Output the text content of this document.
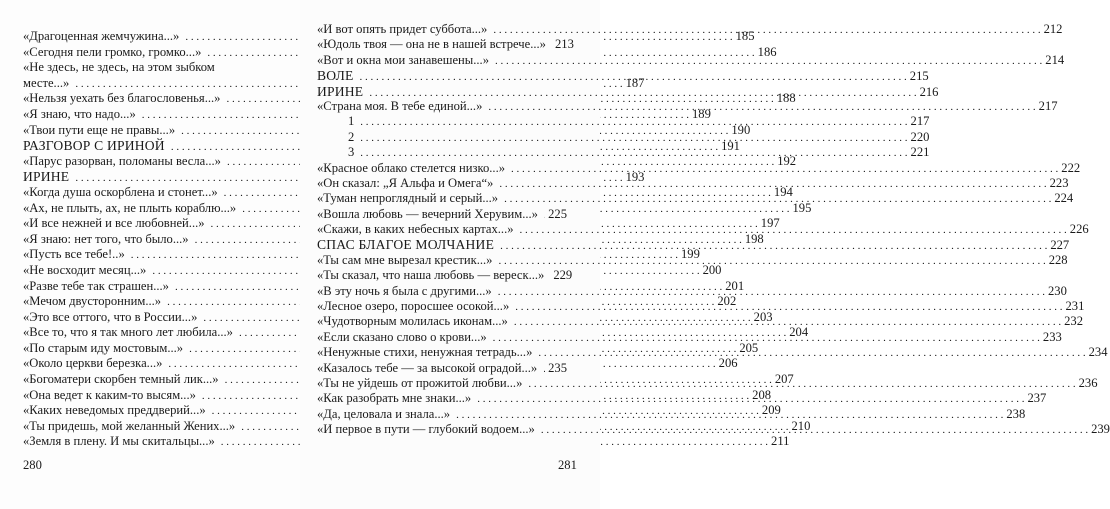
«Драгоценная жемчужина...» . . .	185
«Сегодня пели громко, громко...» . . .	186
«Не здесь, не здесь, на этом зыбком
месте...» . . .	187
«Нельзя уехать без благословенья...» . . .	188
«Я знаю, что надо...» . . .	189
«Твои пути еще не правы...» . . .	190
РАЗГОВОР С ИРИНОЙ . . .	191
«Парус разорван, поломаны весла...» . . .	192
ИРИНЕ . . .	193
«Когда душа оскорблена и стонет...» . . .	194
«Ах, не плыть, ах, не плыть кораблю...» . . .	195
«И все нежней и все любовней...» . . .	197
«Я знаю: нет того, что было...» . . .	198
«Пусть все тебе!..» . . .	199
«Не восходит месяц...» . . .	200
«Разве тебе так страшен...» . . .	201
«Мечом двусторонним...» . . .	202
«Это все оттого, что в России...» . . .	203
«Все то, что я так много лет любила...» . . .	204
«По старым иду мостовым...» . . .	205
«Около церкви березка...» . . .	206
«Богоматери скорбен темный лик...» . . .	207
«Она ведет к каким-то высям...» . . .	208
«Каких неведомых преддверий...» . . .	209
«Ты придешь, мой желанный Жених...» . . .	210
«Земля в плену. И мы скитальцы...» . . .	211
280
«И вот опять придет суббота...» . . .	212
«Юдоль твоя — она не в нашей встрече...» 213
«Вот и окна мои занавешены...» . . .	214
ВОЛЕ . . .	215
ИРИНЕ . . .	216
«Страна моя. В тебе единой...» . . .	217
1 . . .	217
2 . . .	220
3 . . .	221
«Красное облако стелется низко...» . . .	222
«Он сказал: „Я Альфа и Омега“» . . .	223
«Туман непроглядный и серый...» . . .	224
«Вошла любовь — вечерний Херувим...» . . . 225
«Скажи, в каких небесных картах...» . . .	226
СПАС БЛАГОЕ МОЛЧАНИЕ . . .	227
«Ты сам мне вырезал крестик...» . . .	228
«Ты сказал, что наша любовь — вереск...» 229
«В эту ночь я была с другими...» . . .	230
«Лесное озеро, поросшее осокой...» . . .	231
«Чудотворным молилась иконам...» . . .	232
«Если сказано слово о крови...» . . .	233
«Ненужные стихи, ненужная тетрадь...» . . .	234
«Казалось тебе — за высокой оградой...» . . . 235
«Ты не уйдешь от прожитой любви...» . . .	236
«Как разобрать мне знаки...» . . .	237
«Да, целовала и знала...» . . .	238
«И первое в пути — глубокий водоем...» . . .	239
281
